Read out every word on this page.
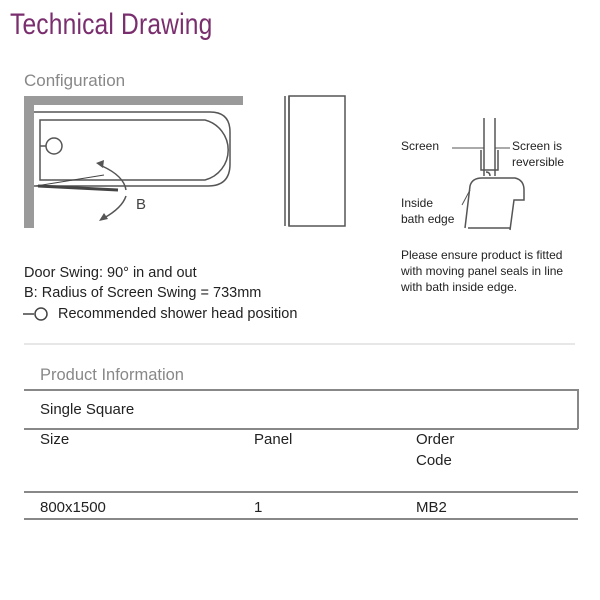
Technical Drawing
Configuration
B
Door Swing: 90° in and out
B: Radius of Screen Swing = 733mm
Recommended shower head position
Screen	Screen is
reversible
Inside
bath edge
Please ensure product is fitted
with moving panel seals in line
with bath inside edge.
Product Information
Single Square
Size	Panel	Order
Code
800x1500	1	MB2
